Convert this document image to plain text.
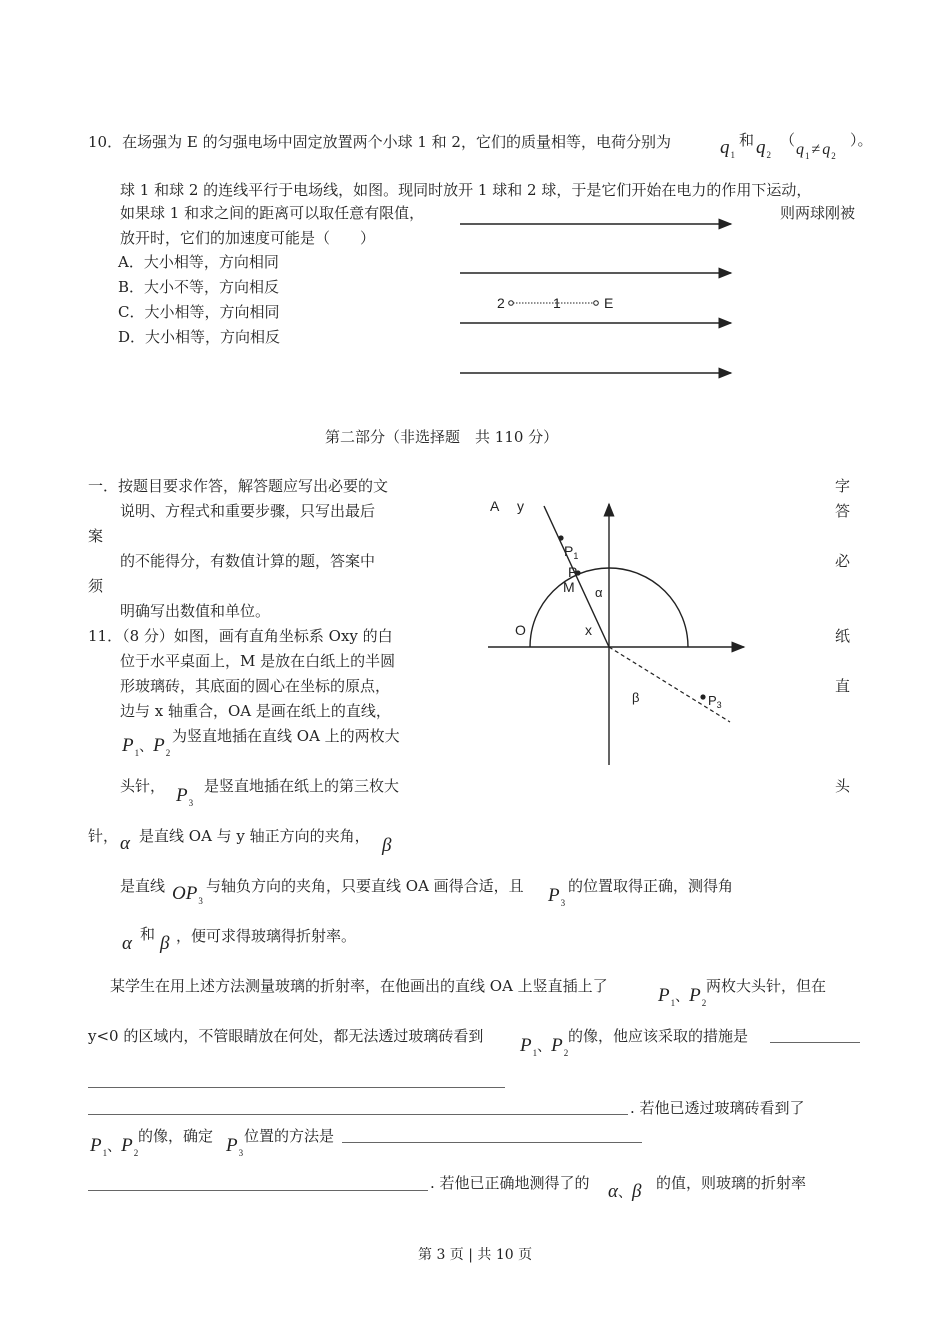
10．在场强为 E 的匀强电场中固定放置两个小球 1 和 2，它们的质量相等，电荷分别为	$q_1$
和 $q_2$
（
$q_1 \ne q_2$
）。
球 1 和球 2 的连线平行于电场线，如图。现同时放开 1 球和 2 球，于是它们开始在电力的作用下运动，
如果球 1 和求之间的距离可以取任意有限值，	则两球刚被
放开时，它们的加速度可能是（　　）
A．大小相等，方向相同
B．大小不等，方向相反
C．大小相等，方向相同
D．大小相等，方向相反
2	1	E
第二部分（非选择题　共 110 分）
一．按题目要求作答，解答题应写出必要的文	字
说明、方程式和重要步骤，只写出最后	答
案
的不能得分，有数值计算的题，答案中	必
须
明确写出数值和单位。
11．（8 分）如图，画有直角坐标系 Oxy 的白	纸
位于水平桌面上，M 是放在白纸上的半圆
形玻璃砖，其底面的圆心在坐标的原点，	直
边与 x 轴重合，OA 是画在纸上的直线，
$P_1$、$P_2$
为竖直地插在直线 OA 上的两枚大
头针， $P_3$
是竖直地插在纸上的第三枚大	头
针， α 是直线 OA 与 y 轴正方向的夹角， β
是直线 $OP_3$
与轴负方向的夹角，只要直线 OA 画得合适，且 $P_3$
的位置取得正确，测得角
α 和 β ，便可求得玻璃得折射率。
某学生在用上述方法测量玻璃的折射率，在他画出的直线 OA 上竖直插上了	$P_1$、$P_2$
两枚大头针，但在
y<0 的区域内，不管眼睛放在何处，都无法透过玻璃砖看到 $P_1$、$P_2$
的像，他应该采取的措施是
. 若他已透过玻璃砖看到了
$P_1$、$P_2$
的像，确定 $P_3$
位置的方法是
. 若他已正确地测得了的 α、β 的值，则玻璃的折射率
A y
$P_1$
P
M α
O	x
β	$P_3$
第 3 页 | 共 10 页
